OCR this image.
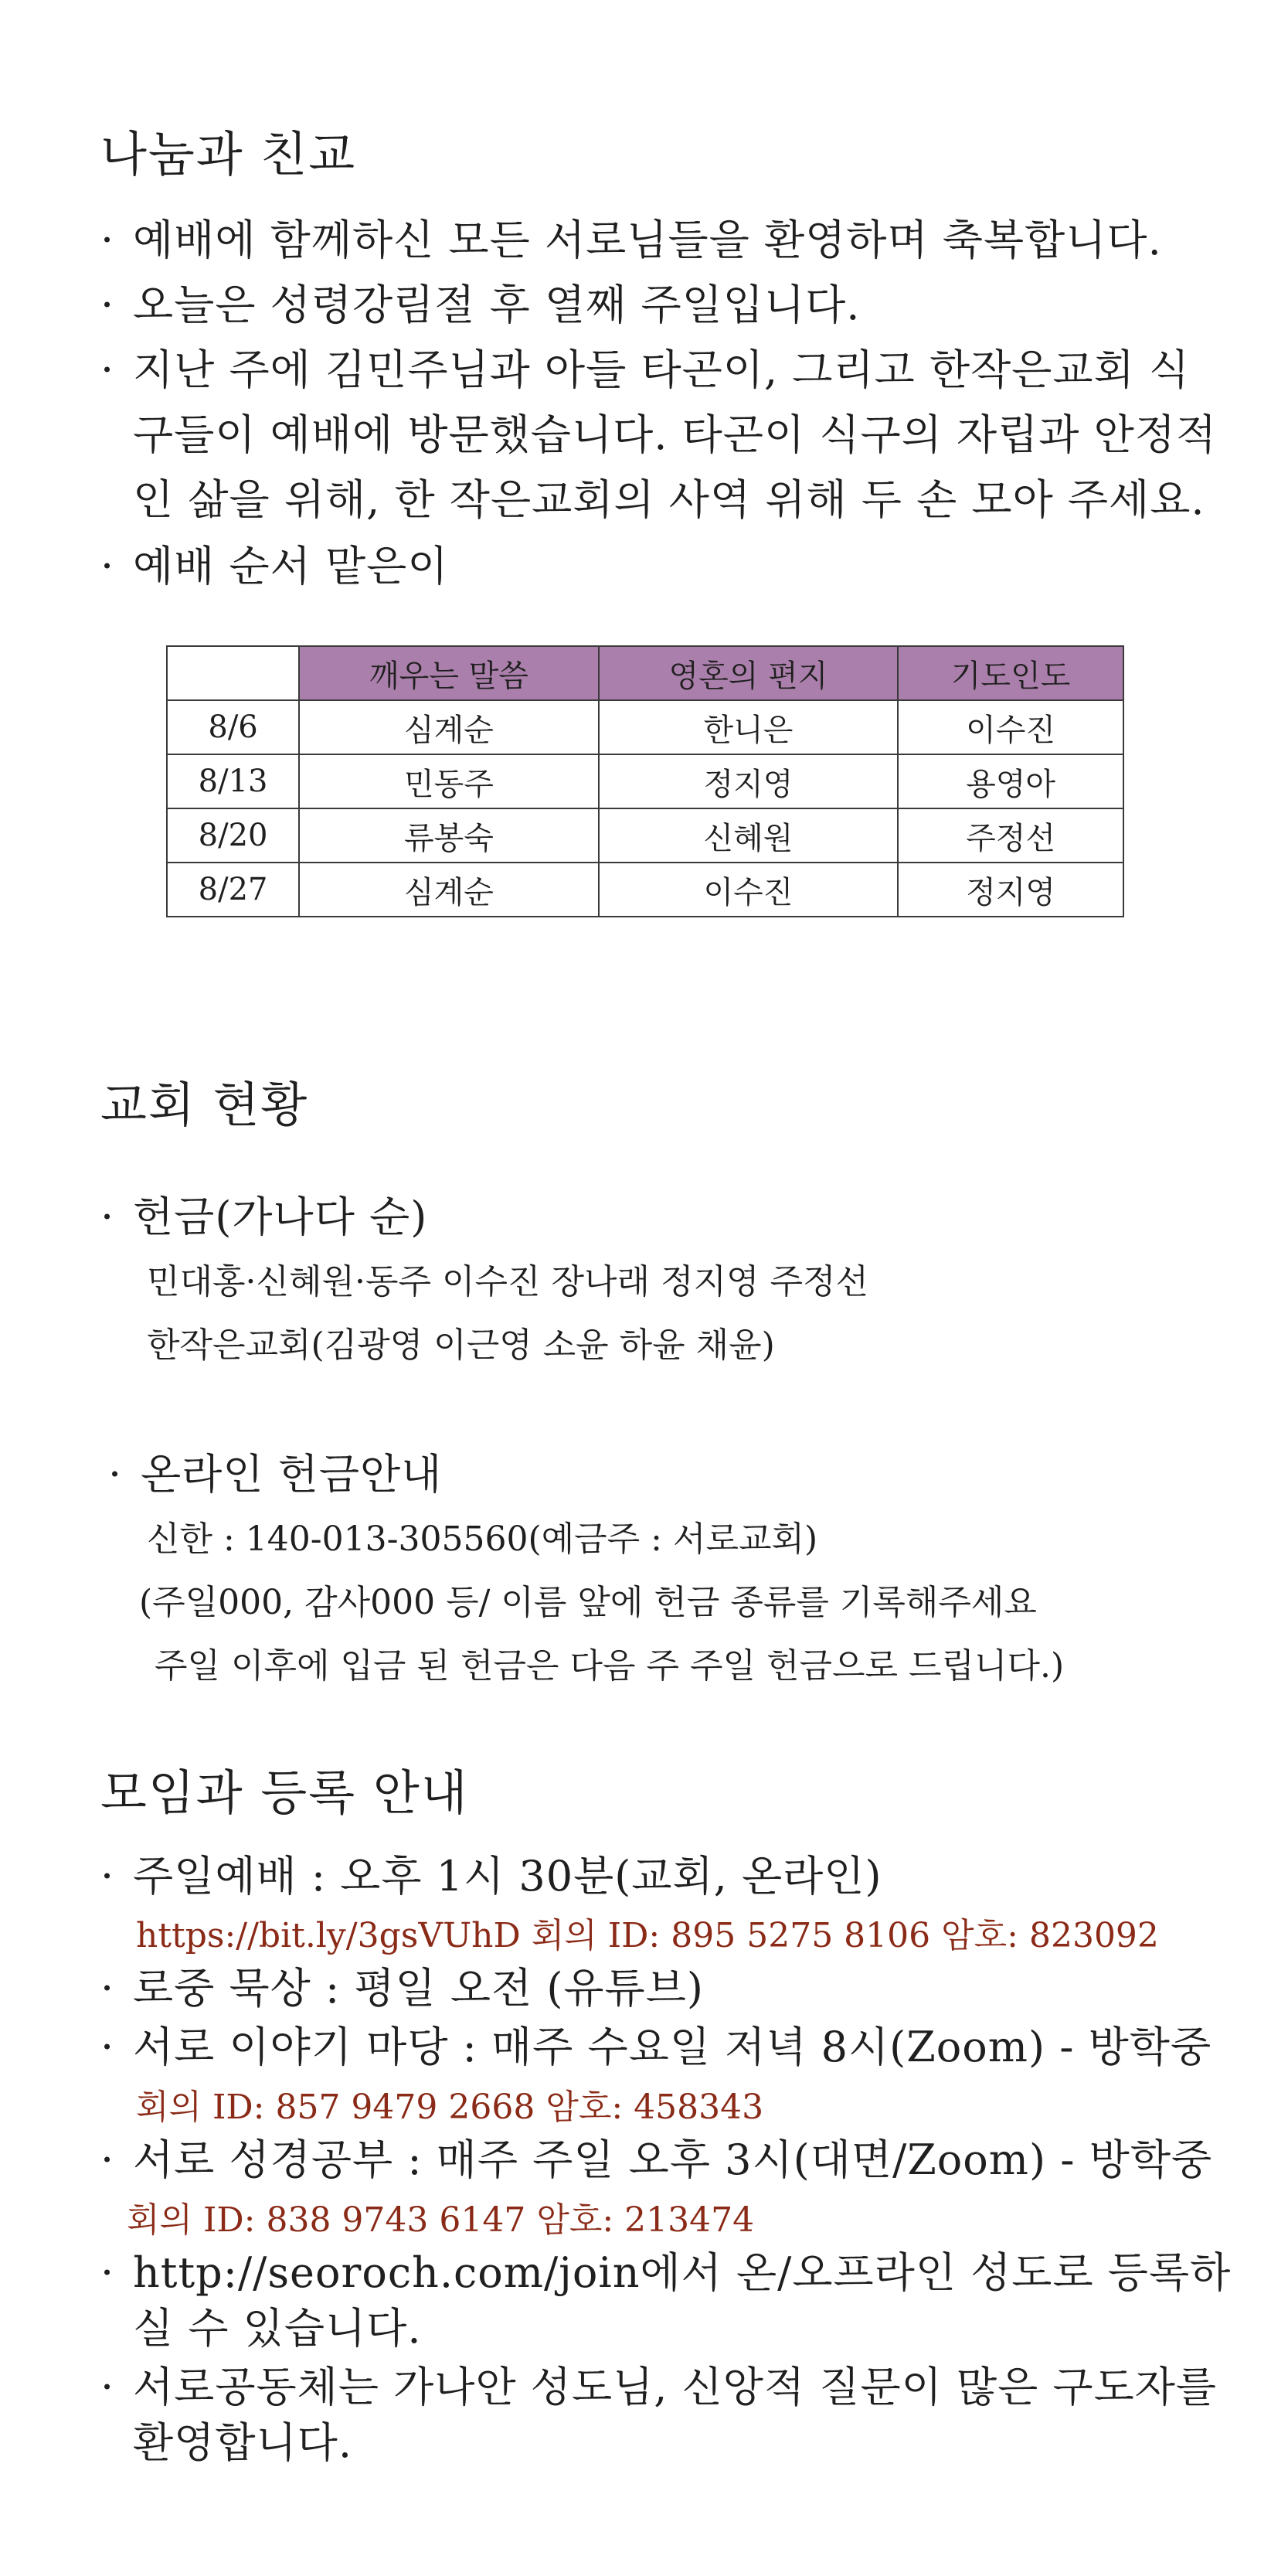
나눔과 친교
· 예배에 함께하신 모든 서로님들을 환영하며 축복합니다.
· 오늘은 성령강림절 후 열째 주일입니다.
· 지난 주에 김민주님과 아들 타곤이, 그리고 한작은교회 식
구들이 예배에 방문했습니다. 타곤이 식구의 자립과 안정적
인 삶을 위해, 한 작은교회의 사역 위해 두 손 모아 주세요.
· 예배 순서 맡은이
	깨우는 말씀	영혼의 편지	기도인도
8/6	심계순	한니은	이수진
8/13	민동주	정지영	용영아
8/20	류봉숙	신혜원	주정선
8/27	심계순	이수진	정지영
교회 현황
· 헌금(가나다 순)
민대홍·신혜원·동주 이수진 장나래 정지영 주정선
한작은교회(김광영 이근영 소윤 하윤 채윤)
· 온라인 헌금안내
신한 : 140-013-305560(예금주 : 서로교회)
(주일000, 감사000 등/ 이름 앞에 헌금 종류를 기록해주세요
주일 이후에 입금 된 헌금은 다음 주 주일 헌금으로 드립니다.)
모임과 등록 안내
· 주일예배 : 오후 1시 30분(교회, 온라인)
https://bit.ly/3gsVUhD 회의 ID: 895 5275 8106 암호: 823092
· 로중 묵상 : 평일 오전 (유튜브)
· 서로 이야기 마당 : 매주 수요일 저녁 8시(Zoom) - 방학중
회의 ID: 857 9479 2668 암호: 458343
· 서로 성경공부 : 매주 주일 오후 3시(대면/Zoom) - 방학중
회의 ID: 838 9743 6147 암호: 213474
· http://seoroch.com/join에서 온/오프라인 성도로 등록하
실 수 있습니다.
· 서로공동체는 가나안 성도님, 신앙적 질문이 많은 구도자를
환영합니다.
